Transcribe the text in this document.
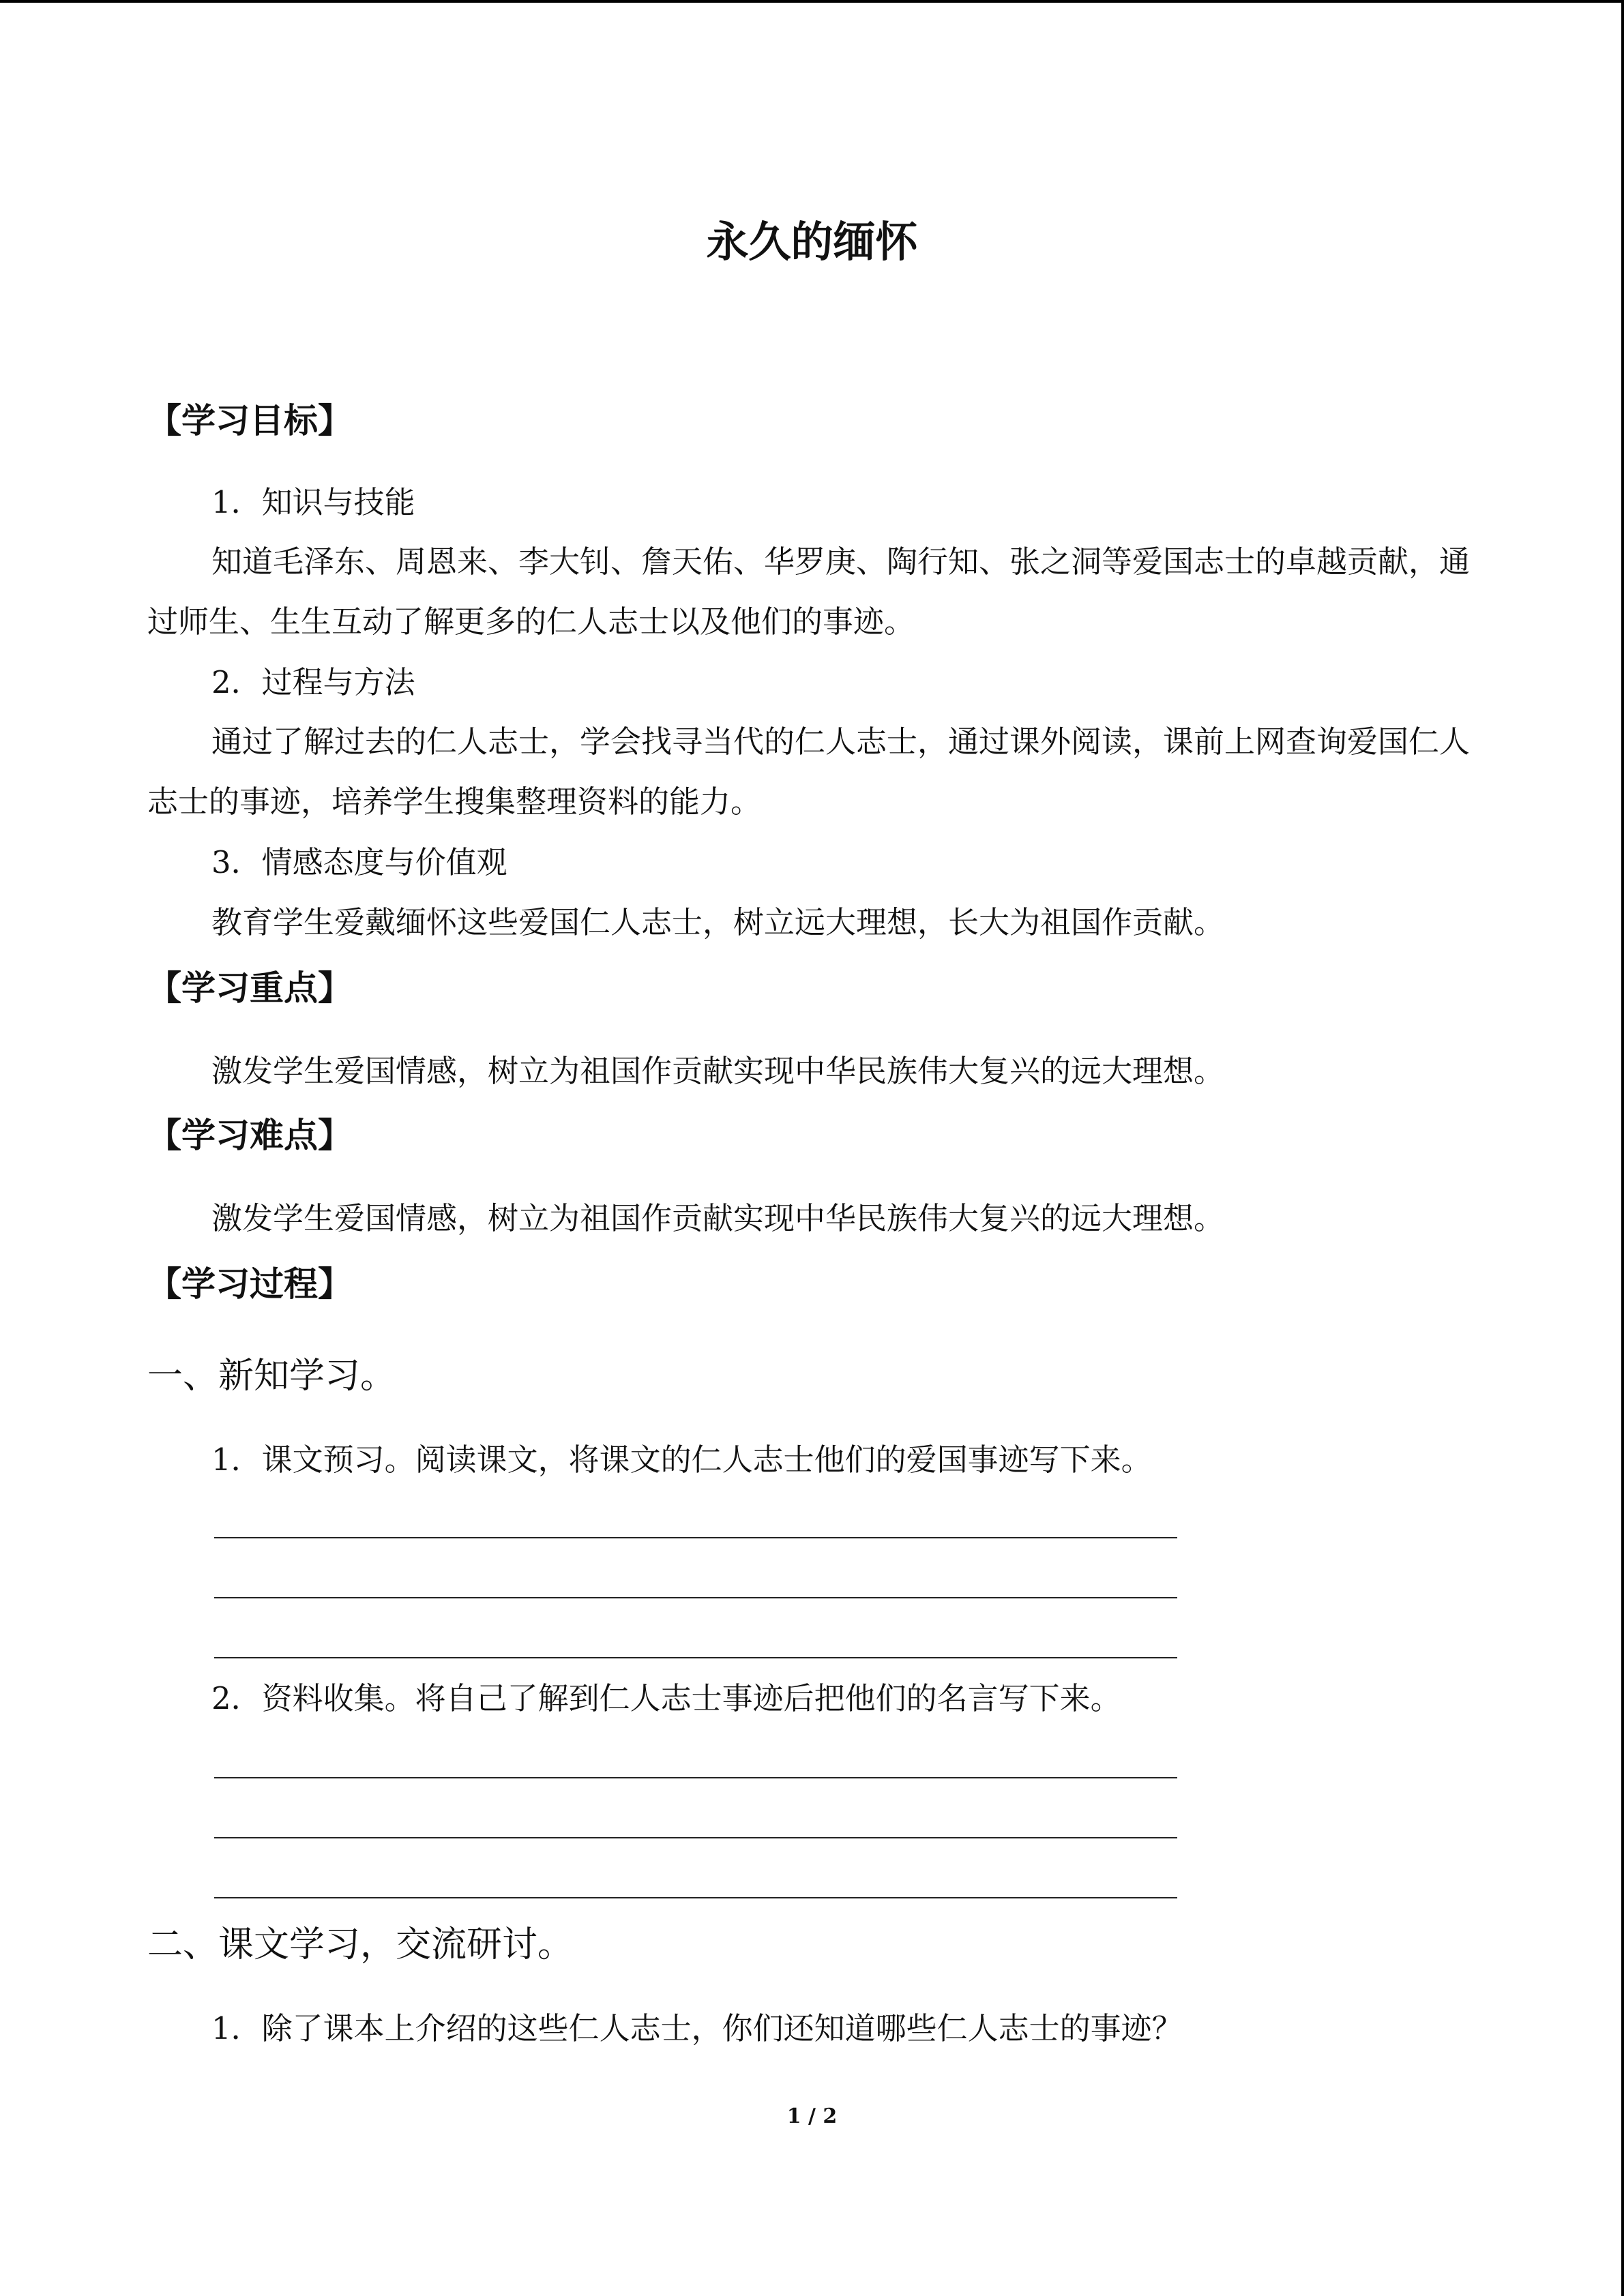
永久的缅怀
【学习目标】
1．知识与技能
知道毛泽东、周恩来、李大钊、詹天佑、华罗庚、陶行知、张之洞等爱国志士的卓越贡献，通过师生、生生互动了解更多的仁人志士以及他们的事迹。
2．过程与方法
通过了解过去的仁人志士，学会找寻当代的仁人志士，通过课外阅读，课前上网查询爱国仁人志士的事迹，培养学生搜集整理资料的能力。
3．情感态度与价值观
教育学生爱戴缅怀这些爱国仁人志士，树立远大理想，长大为祖国作贡献。
【学习重点】
激发学生爱国情感，树立为祖国作贡献实现中华民族伟大复兴的远大理想。
【学习难点】
激发学生爱国情感，树立为祖国作贡献实现中华民族伟大复兴的远大理想。
【学习过程】
一、新知学习。
1．课文预习。阅读课文，将课文的仁人志士他们的爱国事迹写下来。
2．资料收集。将自己了解到仁人志士事迹后把他们的名言写下来。
二、课文学习，交流研讨。
1．除了课本上介绍的这些仁人志士，你们还知道哪些仁人志士的事迹？
1 / 2
